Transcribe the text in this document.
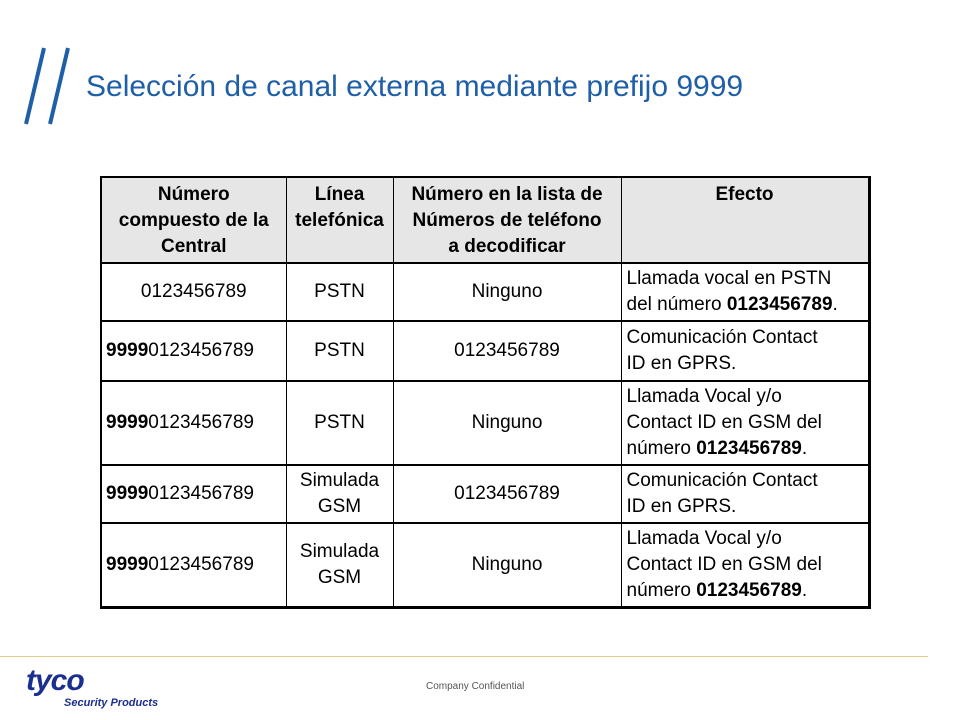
Selección de canal externa mediante prefijo 9999
Número
compuesto de la
Central	Línea
telefónica	Número en la lista de
Números de teléfono
a decodificar	Efecto

0123456789	PSTN	Ninguno	Llamada vocal en PSTN
del número 0123456789.

99990123456789	PSTN	0123456789	Comunicación Contact
ID en GPRS.

99990123456789	PSTN	Ninguno	Llamada Vocal y/o
Contact ID en GSM del
número 0123456789.

99990123456789	Simulada
GSM	0123456789	Comunicación Contact
ID en GPRS.

99990123456789	Simulada
GSM	Ninguno	Llamada Vocal y/o
Contact ID en GSM del
número 0123456789.
tyco
Security Products
Company Confidential
